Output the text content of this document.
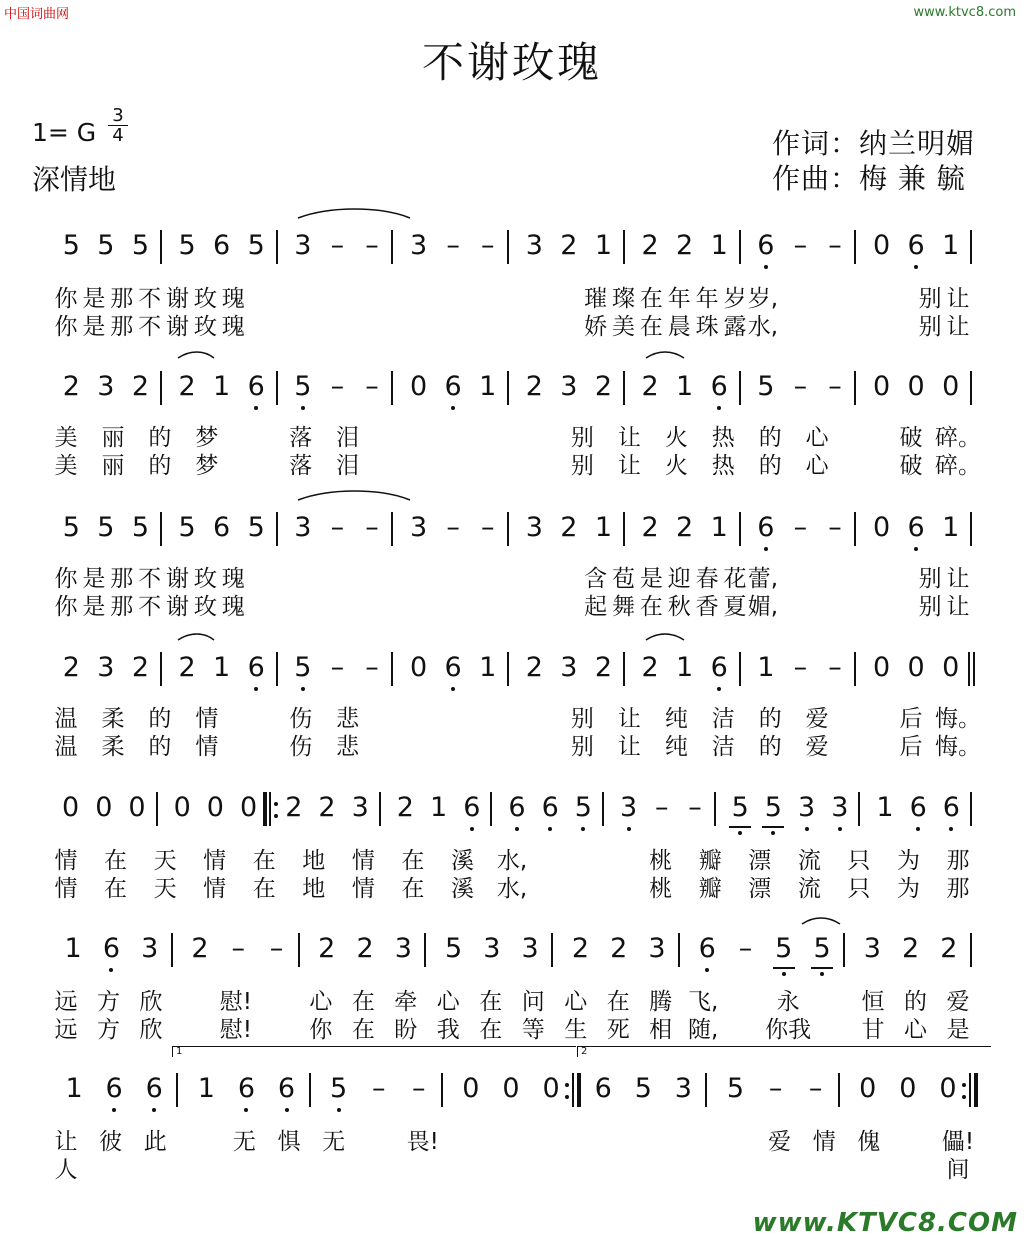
中国词曲网	www.ktvc8.com
不谢玫瑰
1= G $\frac{3}{4}$
深情地
作词：纳兰明媚
作曲：梅 兼 毓
5 5 5 5 6 5 3 – – 3 – – 3 2 1 2 2 1 6 – – 0 6 1
你 是 那 不 谢 玫 瑰	璀 璨 在 年 年 岁 岁,	别 让
你 是 那 不 谢 玫 瑰	娇 美 在 晨 珠 露 水,	别 让
2 3 2 2 1 6 5 – – 0 6 1 2 3 2 2 1 6 5 – – 0 0 0
美 丽 的 梦	落 泪	别 让 火 热 的 心	破 碎。
美 丽 的 梦	落 泪	别 让 火 热 的 心	破 碎。
5 5 5 5 6 5 3 – – 3 – – 3 2 1 2 2 1 6 – – 0 6 1
你 是 那 不 谢 玫 瑰	含 苞 是 迎 春 花 蕾,	别 让
你 是 那 不 谢 玫 瑰	起 舞 在 秋 香 夏 媚,	别 让
2 3 2 2 1 6 5 – – 0 6 1 2 3 2 2 1 6 1 – – 0 0 0
温 柔 的 情	伤 悲	别 让 纯 洁 的 爱	后 悔。
温 柔 的 情	伤 悲	别 让 纯 洁 的 爱	后 悔。
0 0 0 0 0 0 2 2 3 2 1 6 6 6 5 3 – – 5 5 3 3 1 6 6
情 在 天 情 在 地 情 在 溪 水,	桃 瓣 漂 流 只 为 那
情 在 天 情 在 地 情 在 溪 水,	桃 瓣 漂 流 只 为 那
1 6 3 2 – – 2 2 3 5 3 3 2 2 3 6 – 5 5 3 2 2
远 方 欣	慰!	心 在 牵 心 在 问 心 在 腾 飞,	永	恒 的 爱
远 方 欣	慰!	你 在 盼 我 在 等 生 死 相 随,	你我	甘 心 是
1 6 6 1 6 6 5 – – 0 0 0 6 5 3 5 – – 0 0 0
让 彼 此	无 惧 无	畏!	爱 情 傀	儡!
人	间
1	2
www.KTVC8.COM
